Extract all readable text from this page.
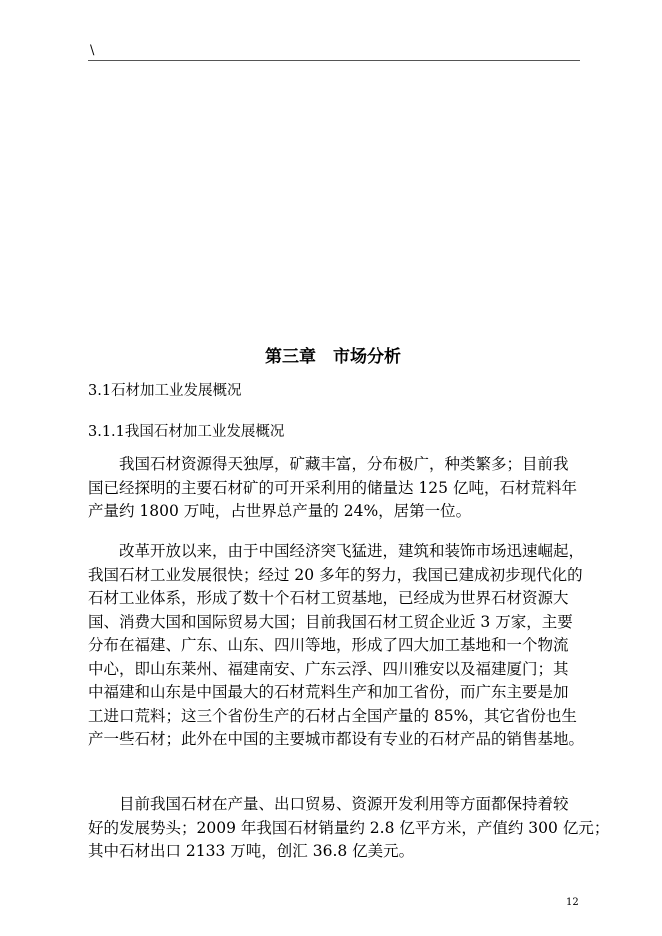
\
第三章　市场分析
3.1石材加工业发展概况
3.1.1我国石材加工业发展概况
　　我国石材资源得天独厚，矿藏丰富，分布极广，种类繁多；目前我
国已经探明的主要石材矿的可开采利用的储量达 125 亿吨，石材荒料年
产量约 1800 万吨，占世界总产量的 24%，居第一位。
　　改革开放以来，由于中国经济突飞猛进，建筑和装饰市场迅速崛起，
我国石材工业发展很快；经过 20 多年的努力，我国已建成初步现代化的
石材工业体系，形成了数十个石材工贸基地，已经成为世界石材资源大
国、消费大国和国际贸易大国；目前我国石材工贸企业近 3 万家，主要
分布在福建、广东、山东、四川等地，形成了四大加工基地和一个物流
中心，即山东莱州、福建南安、广东云浮、四川雅安以及福建厦门；其
中福建和山东是中国最大的石材荒料生产和加工省份，而广东主要是加
工进口荒料；这三个省份生产的石材占全国产量的 85%，其它省份也生
产一些石材；此外在中国的主要城市都设有专业的石材产品的销售基地。
　　目前我国石材在产量、出口贸易、资源开发利用等方面都保持着较
好的发展势头；2009 年我国石材销量约 2.8 亿平方米，产值约 300 亿元；
其中石材出口 2133 万吨，创汇 36.8 亿美元。
12
